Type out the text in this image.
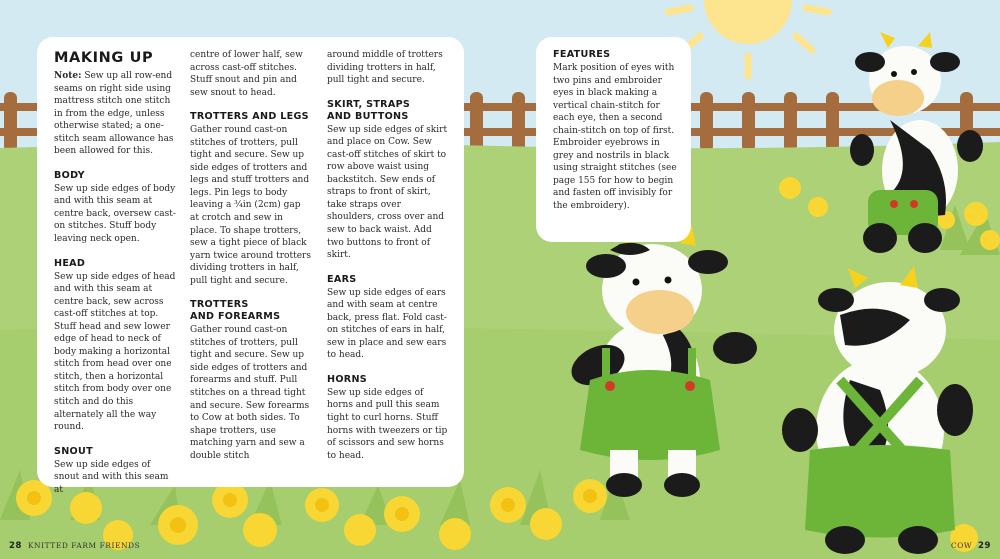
MAKING UP

Note: Sew up all row-end seams on right side using mattress stitch one stitch in from the edge, unless otherwise stated; a one-stitch seam allowance has been allowed for this.

BODY

Sew up side edges of body and with this seam at centre back, oversew cast-on stitches. Stuff body leaving neck open.

HEAD

Sew up side edges of head and with this seam at centre back, sew across cast-off stitches at top. Stuff head and sew lower edge of head to neck of body making a horizontal stitch from head over one stitch, then a horizontal stitch from body over one stitch and do this alternately all the way round.

SNOUT

Sew up side edges of snout and with this seam at

centre of lower half, sew across cast-off stitches. Stuff snout and pin and sew snout to head.

TROTTERS AND LEGS

Gather round cast-on stitches of trotters, pull tight and secure. Sew up side edges of trotters and legs and stuff trotters and legs. Pin legs to body leaving a ¾in (2cm) gap at crotch and sew in place. To shape trotters, sew a tight piece of black yarn twice around trotters dividing trotters in half, pull tight and secure.

TROTTERS
AND FOREARMS

Gather round cast-on stitches of trotters, pull tight and secure. Sew up side edges of trotters and forearms and stuff. Pull stitches on a thread tight and secure. Sew forearms to Cow at both sides. To shape trotters, use matching yarn and sew a double stitch

around middle of trotters dividing trotters in half, pull tight and secure.

SKIRT, STRAPS
AND BUTTONS

Sew up side edges of skirt and place on Cow. Sew cast-off stitches of skirt to row above waist using backstitch. Sew ends of straps to front of skirt, take straps over shoulders, cross over and sew to back waist. Add two buttons to front of skirt.

EARS

Sew up side edges of ears and with seam at centre back, press flat. Fold cast-on stitches of ears in half, sew in place and sew ears to head.

HORNS

Sew up side edges of horns and pull this seam tight to curl horns. Stuff horns with tweezers or tip of scissors and sew horns to head.

FEATURES

Mark position of eyes with two pins and embroider eyes in black making a vertical chain-stitch for each eye, then a second chain-stitch on top of first. Embroider eyebrows in grey and nostrils in black using straight stitches (see page 155 for how to begin and fasten off invisibly for the embroidery).

28 KNITTED FARM FRIENDS	COW 29
